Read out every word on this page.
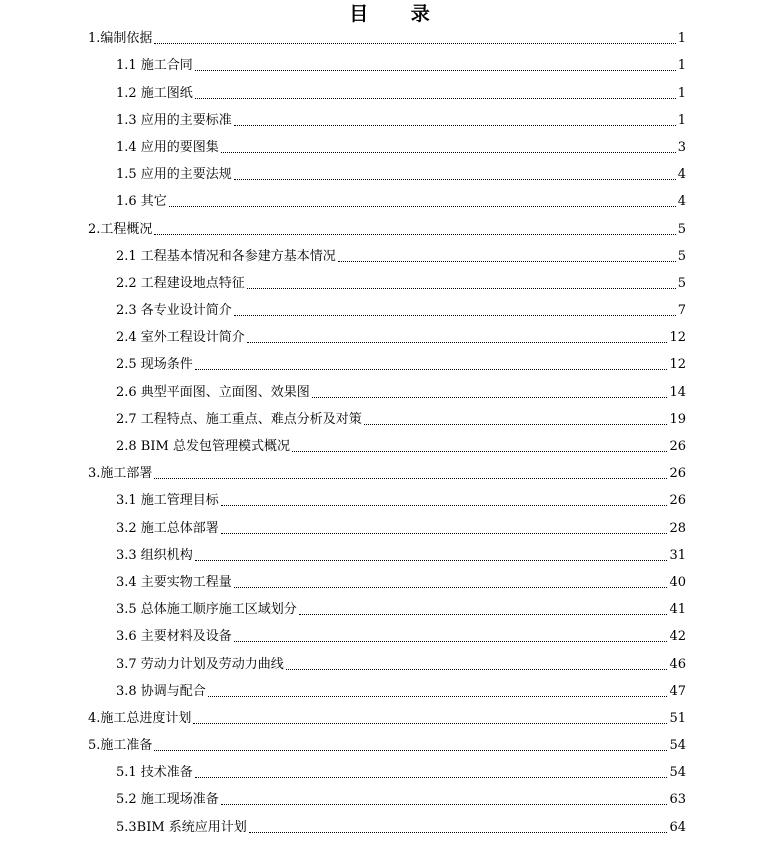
目 录
1.编制依据	1
1.1 施工合同	1
1.2 施工图纸	1
1.3 应用的主要标准	1
1.4 应用的要图集	3
1.5 应用的主要法规	4
1.6 其它	4
2.工程概况	5
2.1 工程基本情况和各参建方基本情况	5
2.2 工程建设地点特征	5
2.3 各专业设计简介	7
2.4 室外工程设计简介	12
2.5 现场条件	12
2.6 典型平面图、立面图、效果图	14
2.7 工程特点、施工重点、难点分析及对策	19
2.8 BIM 总发包管理模式概况	26
3.施工部署	26
3.1 施工管理目标	26
3.2 施工总体部署	28
3.3 组织机构	31
3.4 主要实物工程量	40
3.5 总体施工顺序施工区域划分	41
3.6 主要材料及设备	42
3.7 劳动力计划及劳动力曲线	46
3.8 协调与配合	47
4.施工总进度计划	51
5.施工准备	54
5.1 技术准备	54
5.2 施工现场准备	63
5.3BIM 系统应用计划	64
